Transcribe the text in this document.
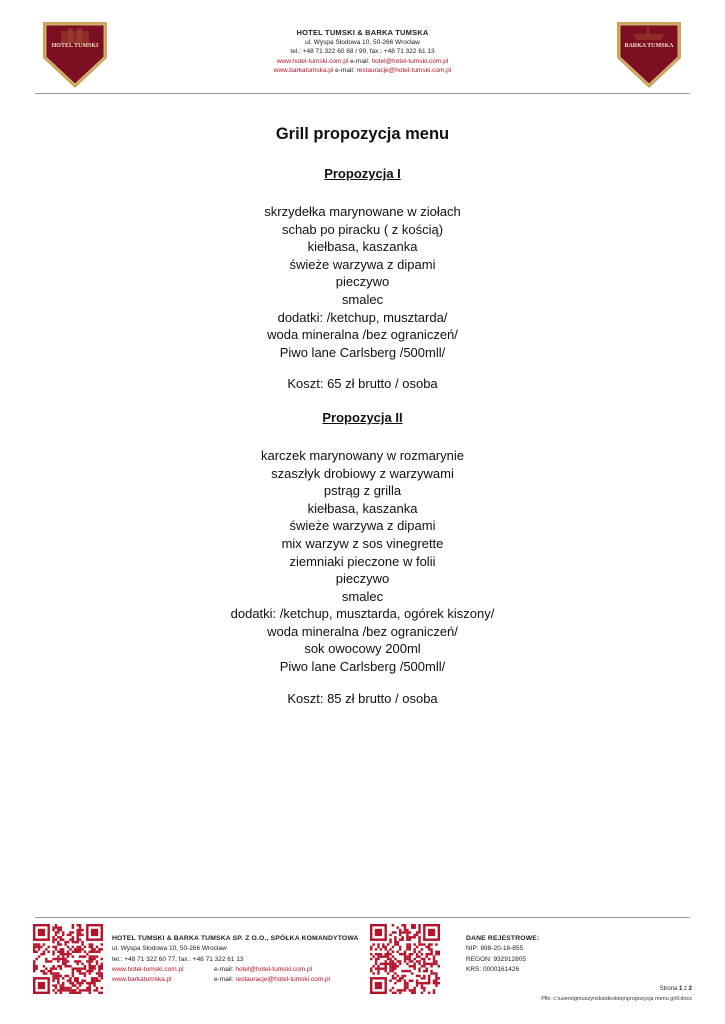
HOTEL TUMSKI	BARKA TUMSKA
HOTEL TUMSKI & BARKA TUMSKA
ul. Wyspa Słodowa 10, 50-266 Wrocław
tel.: +48 71 322 60 88 / 99, fax.: +48 71 322 61 13
www.hotel-tumski.com.pl e-mail: hotel@hotel-tumski.com.pl
www.barkatumska.pl e-mail: restauracje@hotel-tumski.com.pl
Grill propozycja menu
Propozycja I
skrzydełka marynowane w ziołach
schab po piracku ( z kością)
kiełbasa, kaszanka
świeże warzywa z dipami
pieczywo
smalec
dodatki: /ketchup, musztarda/
woda mineralna /bez ograniczeń/
Piwo lane Carlsberg /500mll/
Koszt: 65 zł brutto / osoba
Propozycja II
karczek marynowany w rozmarynie
szaszłyk drobiowy z warzywami
pstrąg z grilla
kiełbasa, kaszanka
świeże warzywa z dipami
mix warzyw z sos vinegrette
ziemniaki pieczone w folii
pieczywo
smalec
dodatki: /ketchup, musztarda, ogórek kiszony/
woda mineralna /bez ograniczeń/
sok owocowy 200ml
Piwo lane Carlsberg /500mll/
Koszt: 85 zł brutto / osoba
HOTEL TUMSKI & BARKA TUMSKA SP. Z O.O., SPÓŁKA KOMANDYTOWA
ul. Wyspa Słodowa 10, 50-266 Wrocław
tel.: +48 71 322 60 77, fax.: +48 71 322 61 13
www.hotel-tumski.com.pl	e-mail:
hotel@hotel-tumski.com.pl
www.barkatumska.pl	e-mail:
restauracje@hotel-tumski.com.pl
DANE REJESTROWE:
NIP: 898-20-18-855
REGON: 932912805
KRS: 0000161426
Strona 1 z 2
Plik: c:\users\gmuszynska\desktop\propozycja menu grill.docx
